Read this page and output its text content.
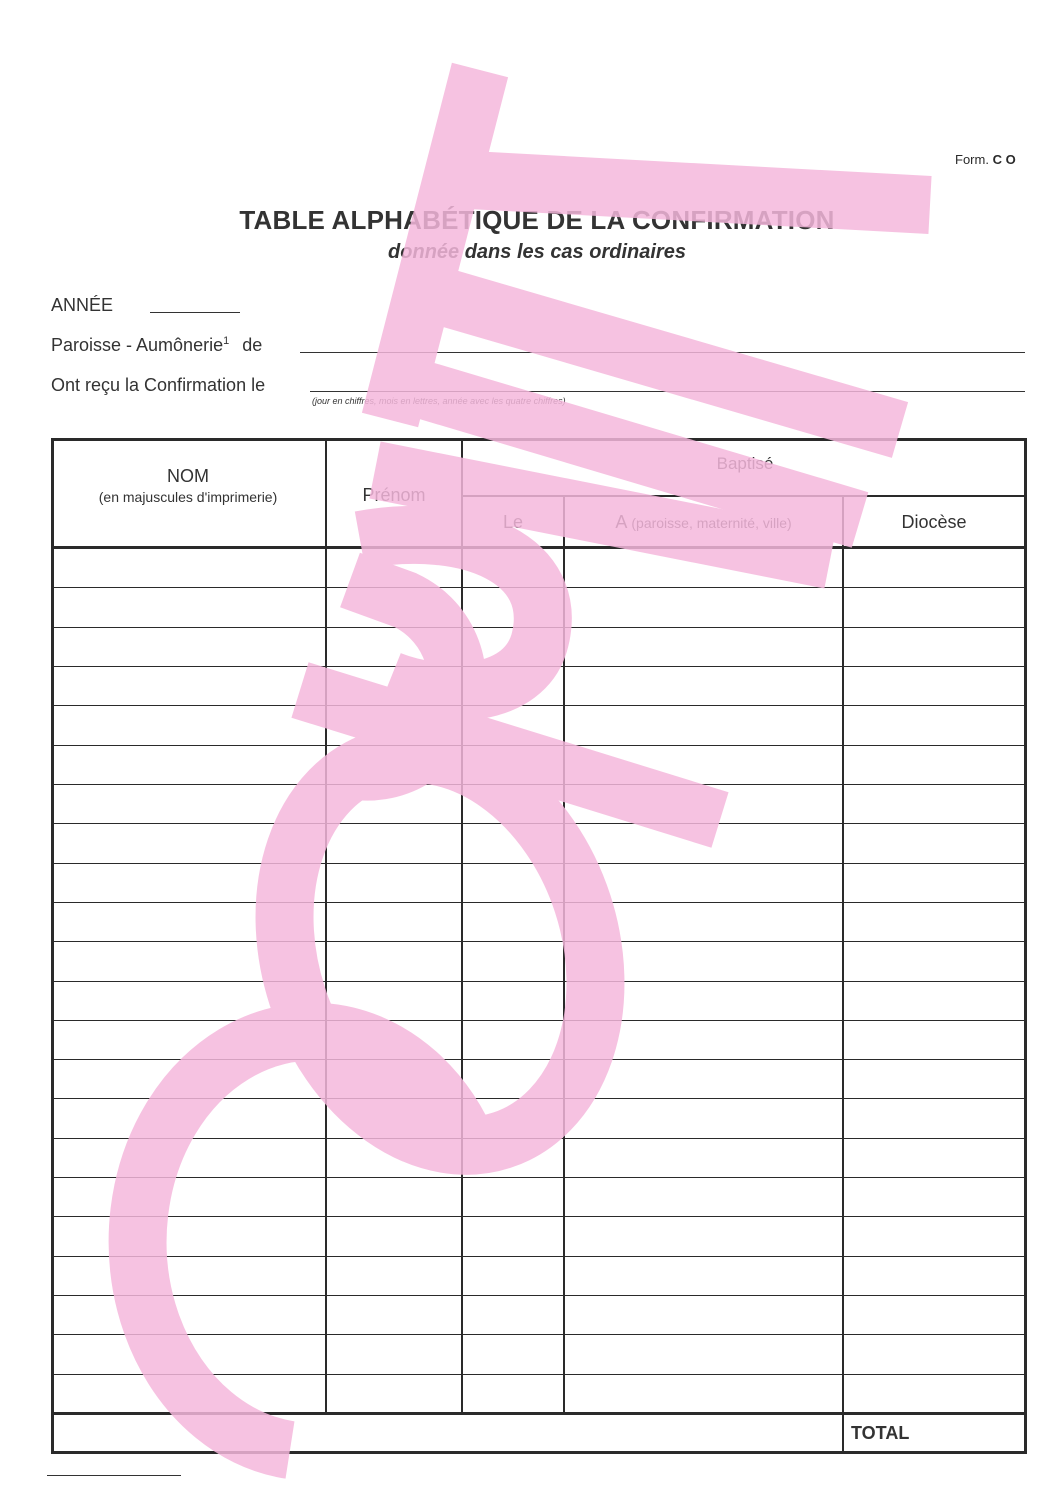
Form. C O
TABLE ALPHABÉTIQUE DE LA CONFIRMATION
donnée dans les cas ordinaires
ANNÉE
Paroisse - Aumônerie$^1$ de
Ont reçu la Confirmation le
(jour en chiffres, mois en lettres, année avec les quatre chiffres)
NOM
(en majuscules d'imprimerie)	Prénom
Baptisé
Le	A (paroisse, maternité, ville)	Diocèse
TOTAL
